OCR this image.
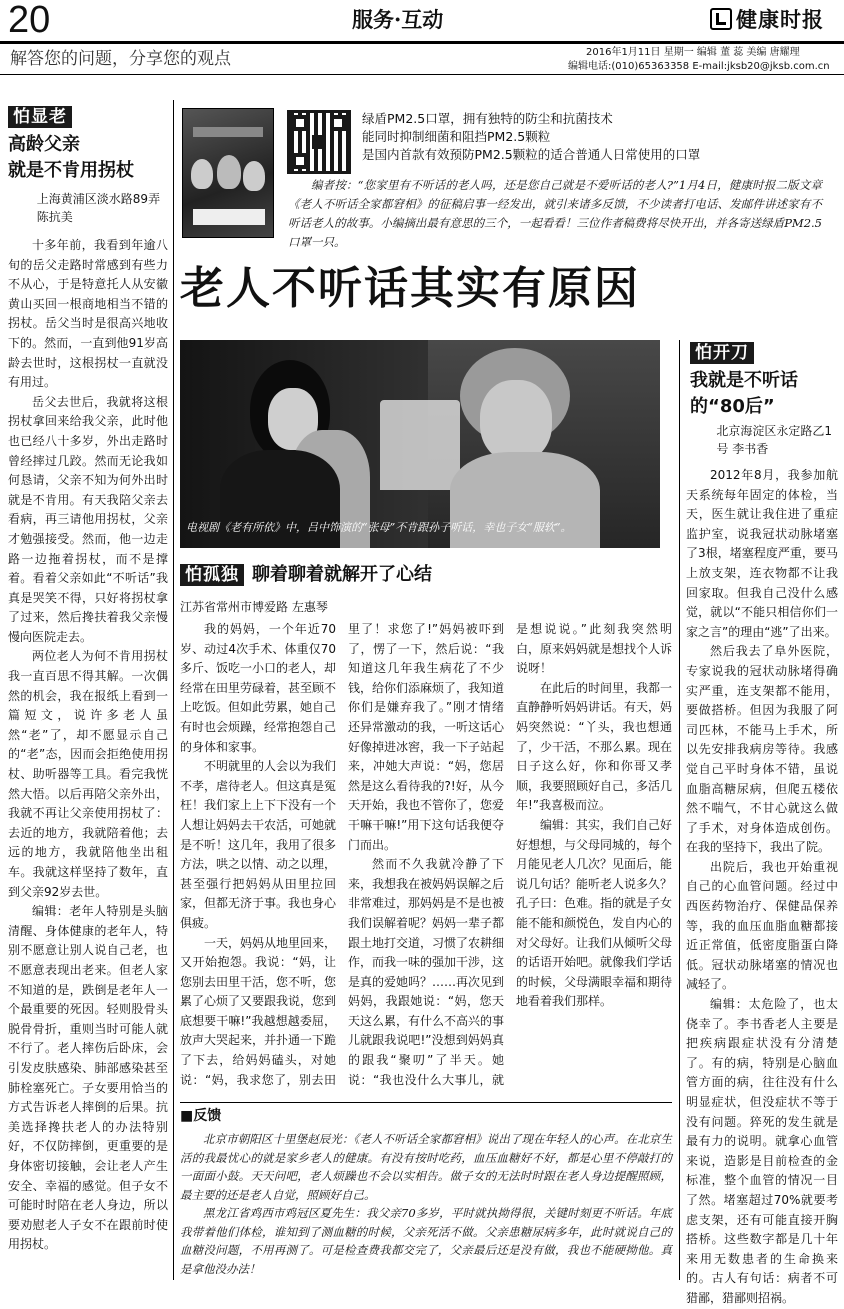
20	服务·互动	健康时报
解答您的问题，分享您的观点	2016年1月11日 星期一 编辑 董 蕊 美编 唐耀理
编辑电话:(010)65363358 E-mail:jksb20@jksb.com.cn
怕显老
高龄父亲
就是不肯用拐杖
上海黄浦区淡水路89弄 陈抗美

十多年前，我看到年逾八旬的岳父走路时常感到有些力不从心，于是特意托人从安徽黄山买回一根商地相当不错的拐杖。岳父当时是很高兴地收下的。然而，一直到他91岁高龄去世时，这根拐杖一直就没有用过。

岳父去世后，我就将这根拐杖拿回来给我父亲，此时他也已经八十多岁，外出走路时曾经摔过几跤。然而无论我如何恳请，父亲不知为何外出时就是不肯用。有天我陪父亲去看病，再三请他用拐杖，父亲才勉强接受。然而，他一边走路一边拖着拐杖，而不是撑着。看着父亲如此“不听话”我真是哭笑不得，只好将拐杖拿了过来，然后搀扶着我父亲慢慢向医院走去。

两位老人为何不肯用拐杖我一直百思不得其解。一次偶然的机会，我在报纸上看到一篇短文，说许多老人虽然“老”了，却不愿显示自己的“老”态，因而会拒绝使用拐杖、助听器等工具。看完我恍然大悟。以后再陪父亲外出，我就不再让父亲使用拐杖了：去近的地方，我就陪着他；去远的地方，我就陪他坐出租车。我就这样坚持了数年，直到父亲92岁去世。

编辑：老年人特别是头脑清醒、身体健康的老年人，特别不愿意让别人说自己老，也不愿意表现出老来。但老人家不知道的是，跌倒是老年人一个最重要的死因。轻则股骨头脱骨骨折，重则当时可能人就不行了。老人摔伤后卧床，会引发皮肤感染、肺部感染甚至肺栓塞死亡。子女要用恰当的方式告诉老人摔倒的后果。抗美选择搀扶老人的办法特别好，不仅防摔倒，更重要的是身体密切接触，会让老人产生安全、幸福的感觉。但子女不可能时时陪在老人身边，所以要劝慰老人子女不在跟前时使用拐杖。

绿盾PM2.5口罩，拥有独特的防尘和抗菌技术
能同时抑制细菌和阻挡PM2.5颗粒
是国内首款有效预防PM2.5颗粒的适合普通人日常使用的口罩
编者按：“您家里有不听话的老人吗，还是您自己就是不爱听话的老人?”1月4日，健康时报二版文章《老人不听话全家都窘相》的征稿启事一经发出，就引来诸多反馈，不少读者打电话、发邮件讲述家有不听话老人的故事。小编摘出最有意思的三个，一起看看！三位作者稿费将尽快开出，并各寄送绿盾PM2.5口罩一只。
老人不听话其实有原因
电视剧《老有所依》中，吕中饰演的“张母”不肯跟孙子听话，幸也子女“服软”。
怕开刀
我就是不听话
的“80后”
北京海淀区永定路乙1号 李书香

2012年8月，我参加航天系统每年固定的体检，当天，医生就让我住进了重症监护室，说我冠状动脉堵塞了3根，堵塞程度严重，要马上放支架，连衣物都不让我回家取。但我自己没什么感觉，就以“不能只相信你们一家之言”的理由“逃”了出来。

然后我去了阜外医院，专家说我的冠状动脉堵得确实严重，连支架都不能用，要做搭桥。但因为我服了阿司匹林，不能马上手术，所以先安排我病房等待。我感觉自己平时身体不错，虽说血脂高糖尿病，但爬五楼依然不喘气，不甘心就这么做了手术，对身体造成创伤。在我的坚持下，我出了院。

出院后，我也开始重视自己的心血管问题。经过中西医药物治疗、保健品保养等，我的血压血脂血糖都接近正常值，低密度脂蛋白降低。冠状动脉堵塞的情况也减轻了。

编辑：太危险了，也太侥幸了。李书香老人主要是把疾病跟症状没有分清楚了。有的病，特别是心脑血管方面的病，往往没有什么明显症状，但没症状不等于没有问题。猝死的发生就是最有力的说明。就拿心血管来说，造影是目前检查的金标准，整个血管的情况一目了然。堵塞超过70%就要考虑支架，还有可能直接开胸搭桥。这些数字都是几十年来用无数患者的生命换来的。古人有句话：病者不可猎鄙，猎鄙则招祸。

怕孤独 聊着聊着就解开了心结
江苏省常州市博爱路 左惠琴

我的妈妈，一个年近70岁、动过4次手术、体重仅70多斤、饭吃一小口的老人，却经常在田里劳碌着，甚至顾不上吃饭。但如此劳累，她自己有时也会烦躁，经常抱怨自己的身体和家事。

不明就里的人会以为我们不孝，虐待老人。但这真是冤枉！我们家上上下下没有一个人想让妈妈去干农活，可她就是不听！这几年，我用了很多方法，哄之以情、动之以理，甚至强行把妈妈从田里拉回家，但都无济于事。我也身心俱疲。

一天，妈妈从地里回来，又开始抱怨。我说：“妈，让您别去田里干活，您不听，您累了心烦了又要跟我说，您到底想要干嘛!”我越想越委屈，放声大哭起来，并扑通一下跪了下去，给妈妈磕头，对她说：“妈，我求您了，别去田里了！求您了!”妈妈被吓到了，愣了一下，然后说：“我知道这几年我生病花了不少钱，给你们添麻烦了，我知道你们是嫌弃我了。”刚才情绪还异常激动的我，一听这话心好像掉进冰窖，我一下子站起来，冲她大声说：“妈，您居然是这么看待我的?!好，从今天开始，我也不管你了，您爱干嘛干嘛!”用下这句话我便夺门而出。

然而不久我就冷静了下来，我想我在被妈妈误解之后非常难过，那妈妈是不是也被我们误解着呢？妈妈一辈子都跟土地打交道，习惯了农耕细作，而我一味的强加干涉，这是真的爱她吗？……再次见到妈妈，我跟她说：“妈，您天天这么累，有什么不高兴的事儿就跟我说吧!”没想到妈妈真的跟我“聚叨”了半天。她说：“我也没什么大事儿，就是想说说。”此刻我突然明白，原来妈妈就是想找个人诉说呀！

在此后的时间里，我都一直静静听妈妈讲话。有天，妈妈突然说：“丫头，我也想通了，少干活，不那么累。现在日子这么好，你和你哥又孝顺，我要照顾好自己，多活几年!”我喜极而泣。

编辑：其实，我们自己好好想想，与父母同城的，每个月能见老人几次？见面后，能说几句话？能听老人说多久？孔子曰：色难。指的就是子女能不能和颜悦色，发自内心的对父母好。让我们从倾听父母的话语开始吧。就像我们学话的时候，父母满眼幸福和期待地看着我们那样。

■反馈

北京市朝阳区十里堡赵辰光：《老人不听话全家都窘相》说出了现在年轻人的心声。在北京生活的我最忧心的就是家乡老人的健康。有没有按时吃药，血压血糖好不好，都是心里不停敲打的一面面小鼓。天天问吧，老人烦躁也不会以实相告。做子女的无法时时跟在老人身边提醒照顾，最主要的还是老人自觉，照顾好自己。

黑龙江省鸡西市鸡冠区夏先生：我父亲70多岁，平时就执拗得很，关键时刻更不听话。年底我带着他们体检，谁知到了测血糖的时候，父亲死活不做。父亲患糖尿病多年，此时就说自己的血糖没问题，不用再测了。可是检查费我都交完了，父亲最后还是没有做，我也不能硬拗他。真是拿他没办法！
